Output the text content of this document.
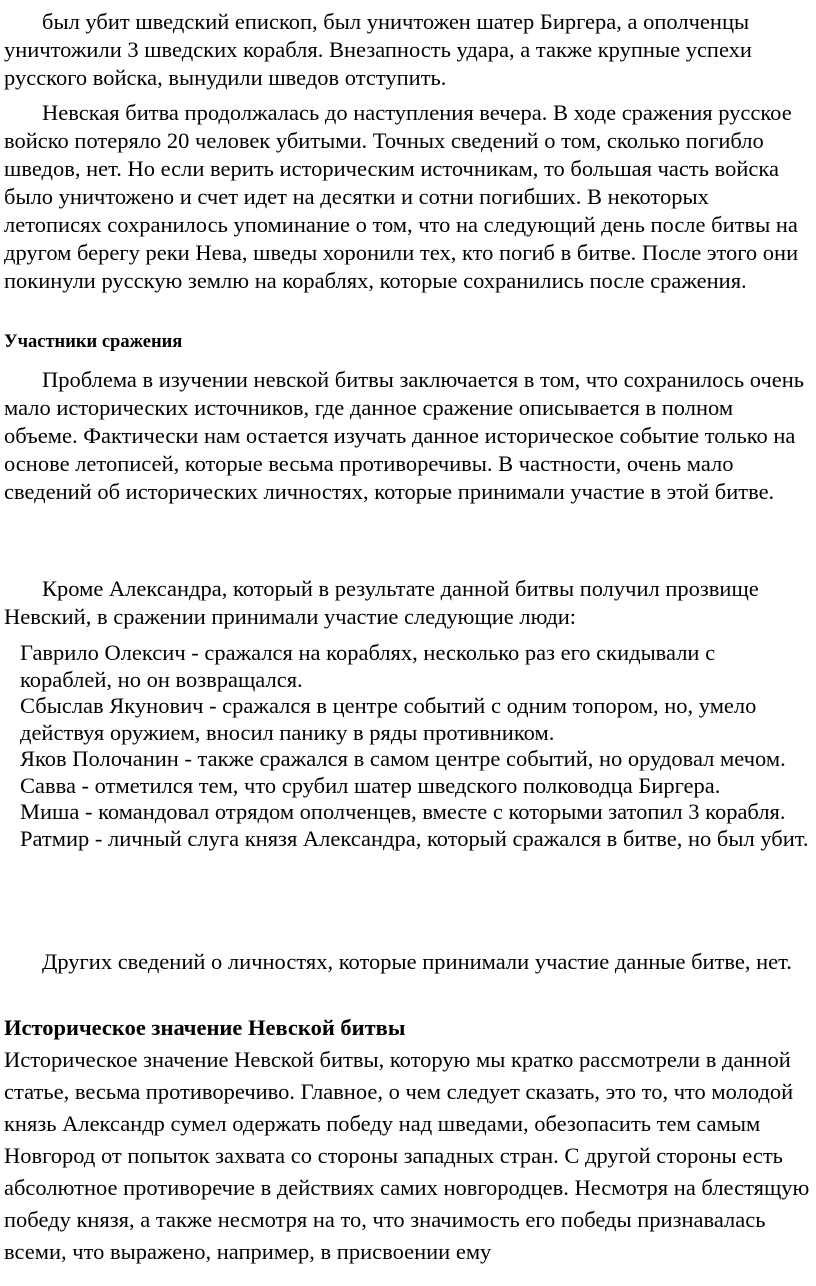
был убит шведский епископ, был уничтожен шатер Биргера, а ополченцы уничтожили 3 шведских корабля. Внезапность удара, а также крупные успехи русского войска, вынудили шведов отступить.

Невская битва продолжалась до наступления вечера. В ходе сражения русское войско потеряло 20 человек убитыми. Точных сведений о том, сколько погибло шведов, нет. Но если верить историческим источникам, то большая часть войска было уничтожено и счет идет на десятки и сотни погибших. В некоторых летописях сохранилось упоминание о том, что на следующий день после битвы на другом берегу реки Нева, шведы хоронили тех, кто погиб в битве. После этого они покинули русскую землю на кораблях, которые сохранились после сражения.

Участники сражения

Проблема в изучении невской битвы заключается в том, что сохранилось очень мало исторических источников, где данное сражение описывается в полном объеме. Фактически нам остается изучать данное историческое событие только на основе летописей, которые весьма противоречивы. В частности, очень мало сведений об исторических личностях, которые принимали участие в этой битве.

Кроме Александра, который в результате данной битвы получил прозвище Невский, в сражении принимали участие следующие люди:

Гаврило Олексич - сражался на кораблях, несколько раз его скидывали с кораблей, но он возвращался.
Сбыслав Якунович - сражался в центре событий с одним топором, но, умело действуя оружием, вносил панику в ряды противником.
Яков Полочанин - также сражался в самом центре событий, но орудовал мечом.
Савва - отметился тем, что срубил шатер шведского полководца Биргера.
Миша - командовал отрядом ополченцев, вместе с которыми затопил 3 корабля.
Ратмир - личный слуга князя Александра, который сражался в битве, но был убит.

Других сведений о личностях, которые принимали участие данные битве, нет.

Историческое значение Невской битвы

Историческое значение Невской битвы, которую мы кратко рассмотрели в данной статье, весьма противоречиво. Главное, о чем следует сказать, это то, что молодой князь Александр сумел одержать победу над шведами, обезопасить тем самым Новгород от попыток захвата со стороны западных стран. С другой стороны есть абсолютное противоречие в действиях самих новгородцев. Несмотря на блестящую победу князя, а также несмотря на то, что значимость его победы признавалась всеми, что выражено, например, в присвоении ему
